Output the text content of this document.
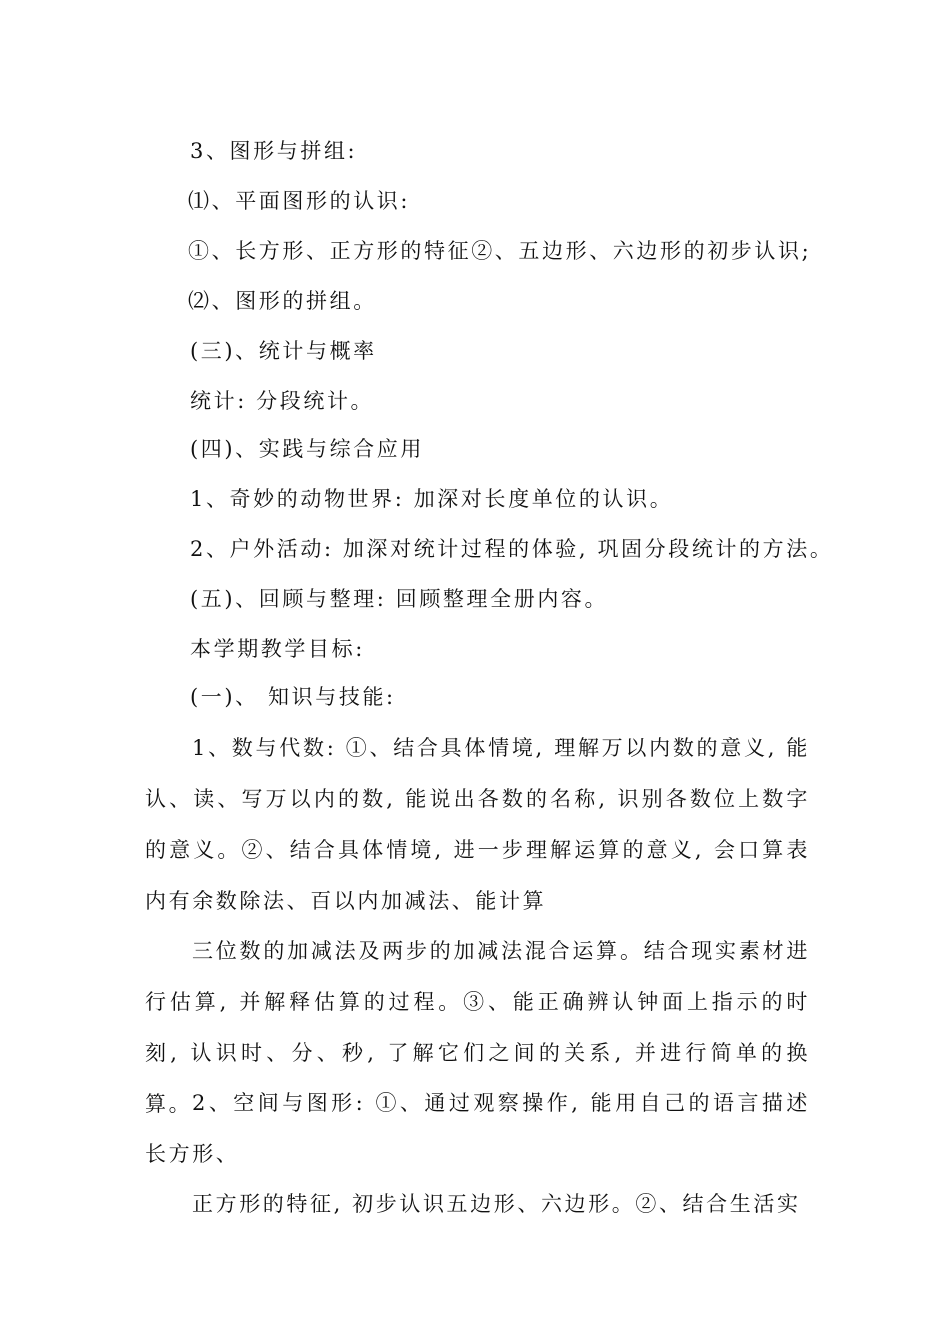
3、图形与拼组:
⑴、平面图形的认识:
①、长方形、正方形的特征②、五边形、六边形的初步认识;
⑵、图形的拼组。
(三)、统计与概率
统计: 分段统计。
(四)、实践与综合应用
1、奇妙的动物世界: 加深对长度单位的认识。
2、户外活动: 加深对统计过程的体验, 巩固分段统计的方法。
(五)、回顾与整理: 回顾整理全册内容。
本学期教学目标:
(一)、 知识与技能:
1、数与代数: ①、结合具体情境, 理解万以内数的意义, 能认、读、写万以内的数, 能说出各数的名称, 识别各数位上数字的意义。②、结合具体情境, 进一步理解运算的意义, 会口算表内有余数除法、百以内加减法、能计算
三位数的加减法及两步的加减法混合运算。结合现实素材进行估算, 并解释估算的过程。③、能正确辨认钟面上指示的时刻, 认识时、分、秒, 了解它们之间的关系, 并进行简单的换算。 2、空间与图形: ①、通过观察操作, 能用自己的语言描述长方形、
正方形的特征, 初步认识五边形、六边形。②、结合生活实
